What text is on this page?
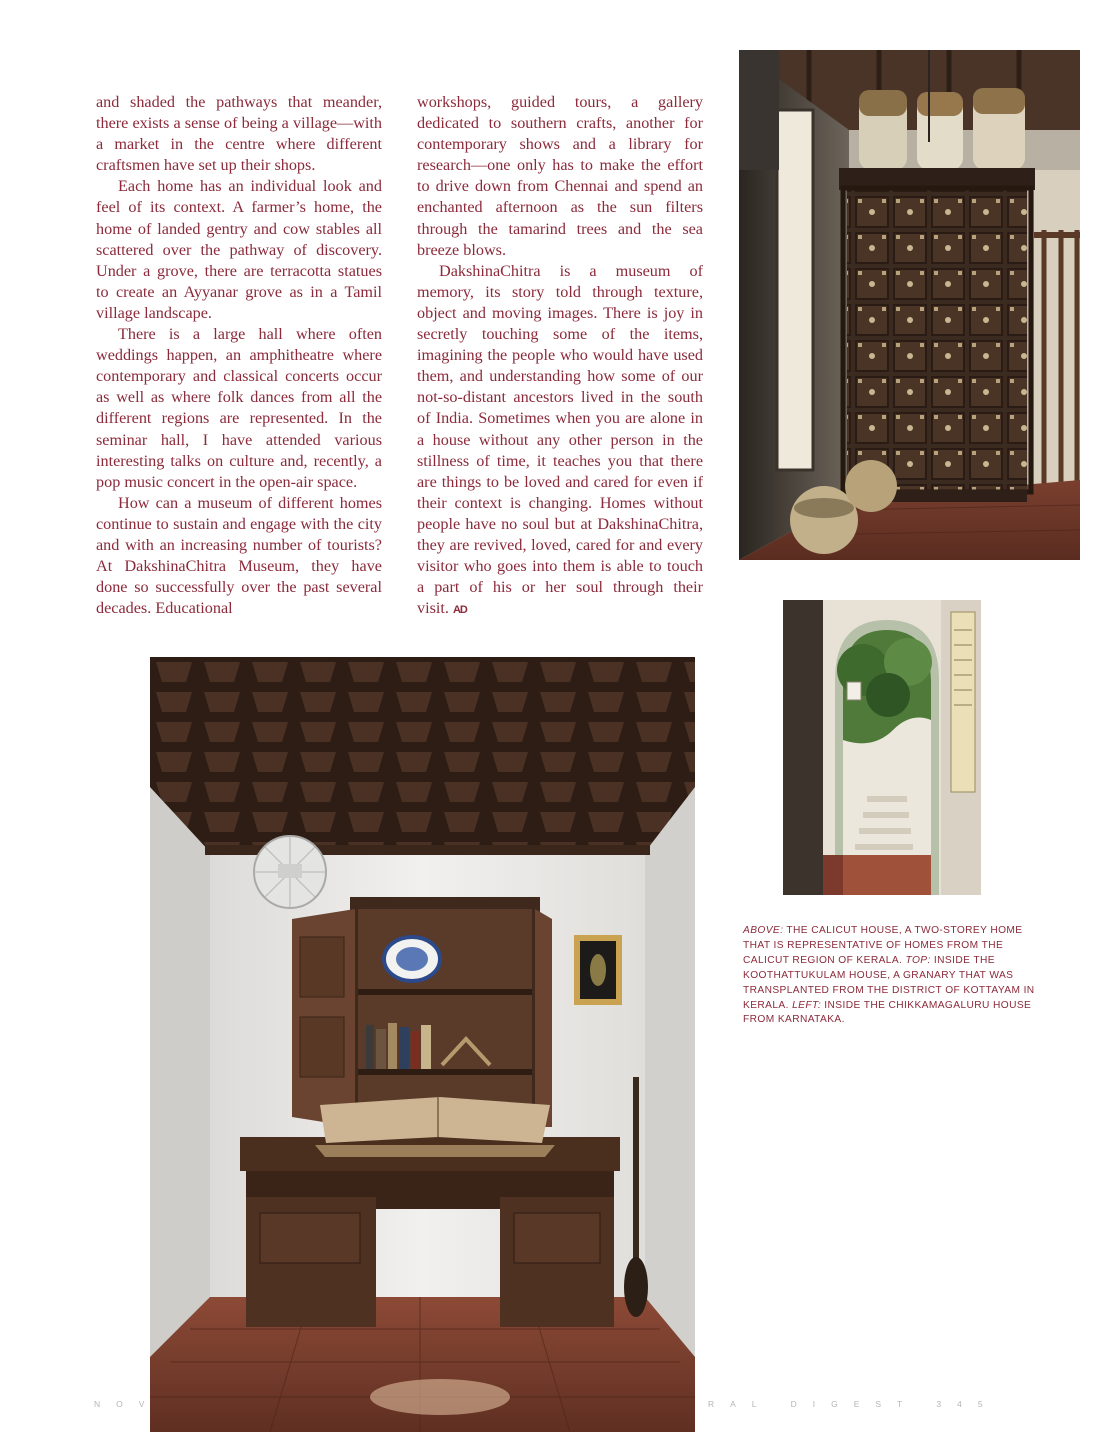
and shaded the pathways that meander, there exists a sense of being a village—with a market in the centre where different craftsmen have set up their shops.

Each home has an individual look and feel of its context. A farmer’s home, the home of landed gentry and cow stables all scattered over the pathway of discovery. Under a grove, there are terracotta statues to create an Ayyanar grove as in a Tamil village landscape.

There is a large hall where often weddings happen, an amphitheatre where contemporary and classical concerts occur as well as where folk dances from all the different regions are represented. In the seminar hall, I have attended various interesting talks on culture and, recently, a pop music concert in the open-air space.

How can a museum of different homes continue to sustain and engage with the city and with an increasing number of tourists? At DakshinaChitra Museum, they have done so successfully over the past several decades. Educational

workshops, guided tours, a gallery dedicated to southern crafts, another for contemporary shows and a library for research—one only has to make the effort to drive down from Chennai and spend an enchanted afternoon as the sun filters through the tamarind trees and the sea breeze blows.

DakshinaChitra is a museum of memory, its story told through texture, object and moving images. There is joy in secretly touching some of the items, imagining the people who would have used them, and understanding how some of our not-so-distant ancestors lived in the south of India. Sometimes when you are alone in a house without any other person in the stillness of time, it teaches you that there are things to be loved and cared for even if their context is changing. Homes without people have no soul but at DakshinaChitra, they are revived, loved, cared for and every visitor who goes into them is able to touch a part of his or her soul through their visit. AD

ABOVE: THE CALICUT HOUSE, A TWO-STOREY HOME THAT IS REPRESENTATIVE OF HOMES FROM THE CALICUT REGION OF KERALA. TOP: INSIDE THE KOOTHATTUKULAM HOUSE, A GRANARY THAT WAS TRANSPLANTED FROM THE DISTRICT OF KOTTAYAM IN KERALA. LEFT: INSIDE THE CHIKKAMAGALURU HOUSE FROM KARNATAKA.
NOV	RAL DIGEST 345
